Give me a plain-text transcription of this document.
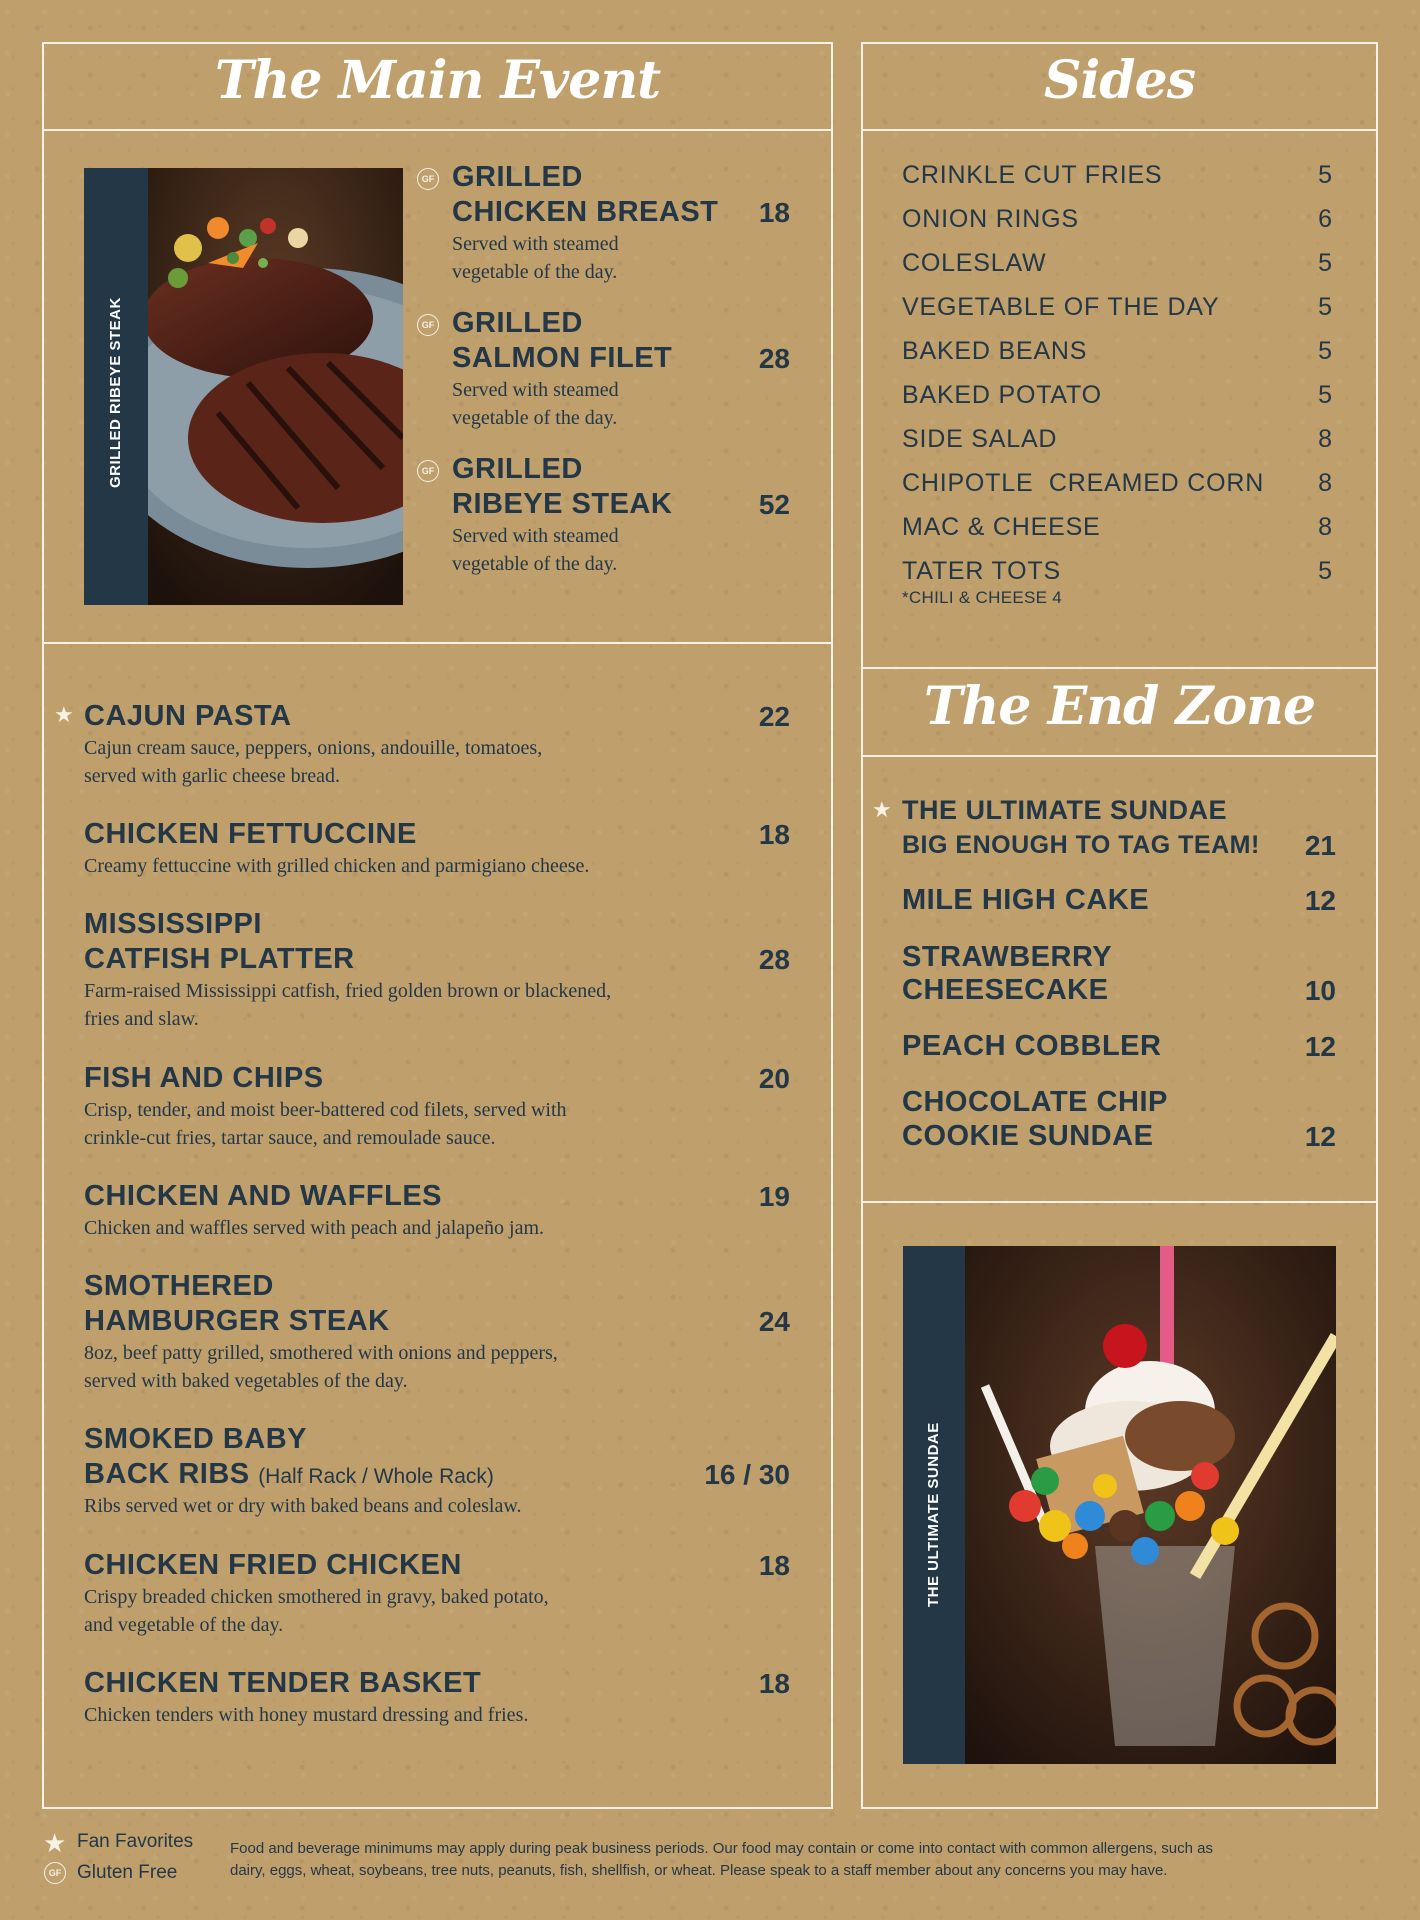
The Main Event
GRILLED RIBEYE STEAK
GF GRILLED
CHICKEN BREAST	18
Served with steamed
vegetable of the day.
GF GRILLED
SALMON FILET	28
Served with steamed
vegetable of the day.
GF GRILLED
RIBEYE STEAK	52
Served with steamed
vegetable of the day.
★ CAJUN PASTA	22
Cajun cream sauce, peppers, onions, andouille, tomatoes,
served with garlic cheese bread.
CHICKEN FETTUCCINE	18
Creamy fettuccine with grilled chicken and parmigiano cheese.
MISSISSIPPI
CATFISH PLATTER	28
Farm-raised Mississippi catfish, fried golden brown or blackened,
fries and slaw.
FISH AND CHIPS	20
Crisp, tender, and moist beer-battered cod filets, served with
crinkle-cut fries, tartar sauce, and remoulade sauce.
CHICKEN AND WAFFLES	19
Chicken and waffles served with peach and jalapeño jam.
SMOTHERED
HAMBURGER STEAK	24
8oz, beef patty grilled, smothered with onions and peppers,
served with baked vegetables of the day.
SMOKED BABY
BACK RIBS (Half Rack / Whole Rack)	16 / 30
Ribs served wet or dry with baked beans and coleslaw.
CHICKEN FRIED CHICKEN	18
Crispy breaded chicken smothered in gravy, baked potato,
and vegetable of the day.
CHICKEN TENDER BASKET	18
Chicken tenders with honey mustard dressing and fries.
Sides
CRINKLE CUT FRIES	5
ONION RINGS	6
COLESLAW	5
VEGETABLE OF THE DAY	5
BAKED BEANS	5
BAKED POTATO	5
SIDE SALAD	8
CHIPOTLE  CREAMED CORN 8
MAC & CHEESE	8
TATER TOTS	5
*CHILI & CHEESE 4
The End Zone
★ THE ULTIMATE SUNDAE
BIG ENOUGH TO TAG TEAM!	21
MILE HIGH CAKE	12
STRAWBERRY
CHEESECAKE	10
PEACH COBBLER	12
CHOCOLATE CHIP
COOKIE SUNDAE	12
THE ULTIMATE SUNDAE
★ Fan Favorites
GF Gluten Free
Food and beverage minimums may apply during peak business periods. Our food may contain or come into contact with common allergens, such as
dairy, eggs, wheat, soybeans, tree nuts, peanuts, fish, shellfish, or wheat. Please speak to a staff member about any concerns you may have.
